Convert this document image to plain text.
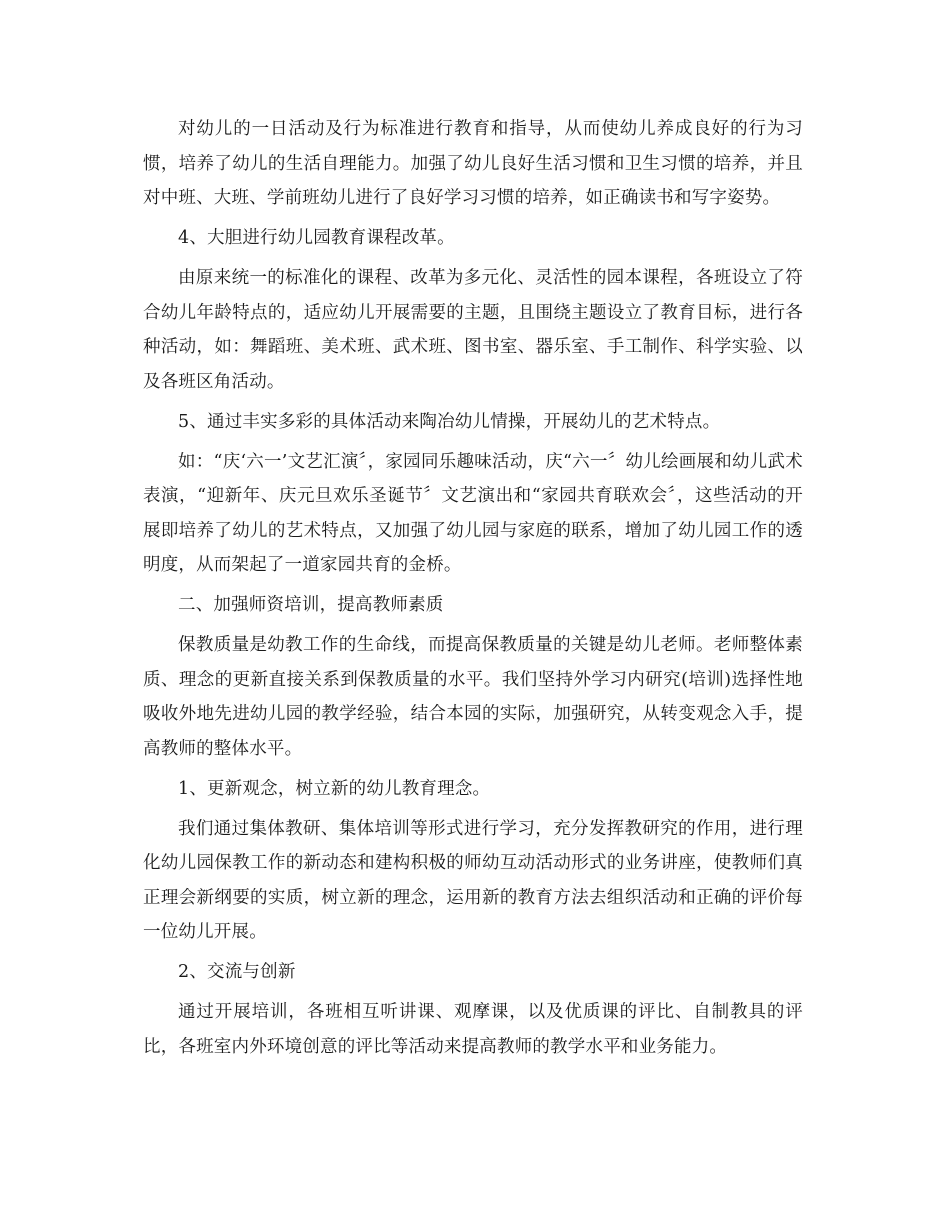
对幼儿的一日活动及行为标准进行教育和指导，从而使幼儿养成良好的行为习惯，培养了幼儿的生活自理能力。加强了幼儿良好生活习惯和卫生习惯的培养，并且对中班、大班、学前班幼儿进行了良好学习习惯的培养，如正确读书和写字姿势。

4、大胆进行幼儿园教育课程改革。

由原来统一的标准化的课程、改革为多元化、灵活性的园本课程，各班设立了符合幼儿年龄特点的，适应幼儿开展需要的主题，且围绕主题设立了教育目标，进行各种活动，如：舞蹈班、美术班、武术班、图书室、器乐室、手工制作、科学实验、以及各班区角活动。

5、通过丰实多彩的具体活动来陶冶幼儿情操，开展幼儿的艺术特点。

如：“庆‘六一’文艺汇演〞，家园同乐趣味活动，庆“六一〞幼儿绘画展和幼儿武术表演，“迎新年、庆元旦欢乐圣诞节〞文艺演出和“家园共育联欢会〞，这些活动的开展即培养了幼儿的艺术特点，又加强了幼儿园与家庭的联系，增加了幼儿园工作的透明度，从而架起了一道家园共育的金桥。

二、加强师资培训，提高教师素质

保教质量是幼教工作的生命线，而提高保教质量的关键是幼儿老师。老师整体素质、理念的更新直接关系到保教质量的水平。我们坚持外学习内研究(培训)选择性地吸收外地先进幼儿园的教学经验，结合本园的实际，加强研究，从转变观念入手，提高教师的整体水平。

1、更新观念，树立新的幼儿教育理念。

我们通过集体教研、集体培训等形式进行学习，充分发挥教研究的作用，进行理化幼儿园保教工作的新动态和建构积极的师幼互动活动形式的业务讲座，使教师们真正理会新纲要的实质，树立新的理念，运用新的教育方法去组织活动和正确的评价每一位幼儿开展。

2、交流与创新

通过开展培训，各班相互听讲课、观摩课，以及优质课的评比、自制教具的评比，各班室内外环境创意的评比等活动来提高教师的教学水平和业务能力。
